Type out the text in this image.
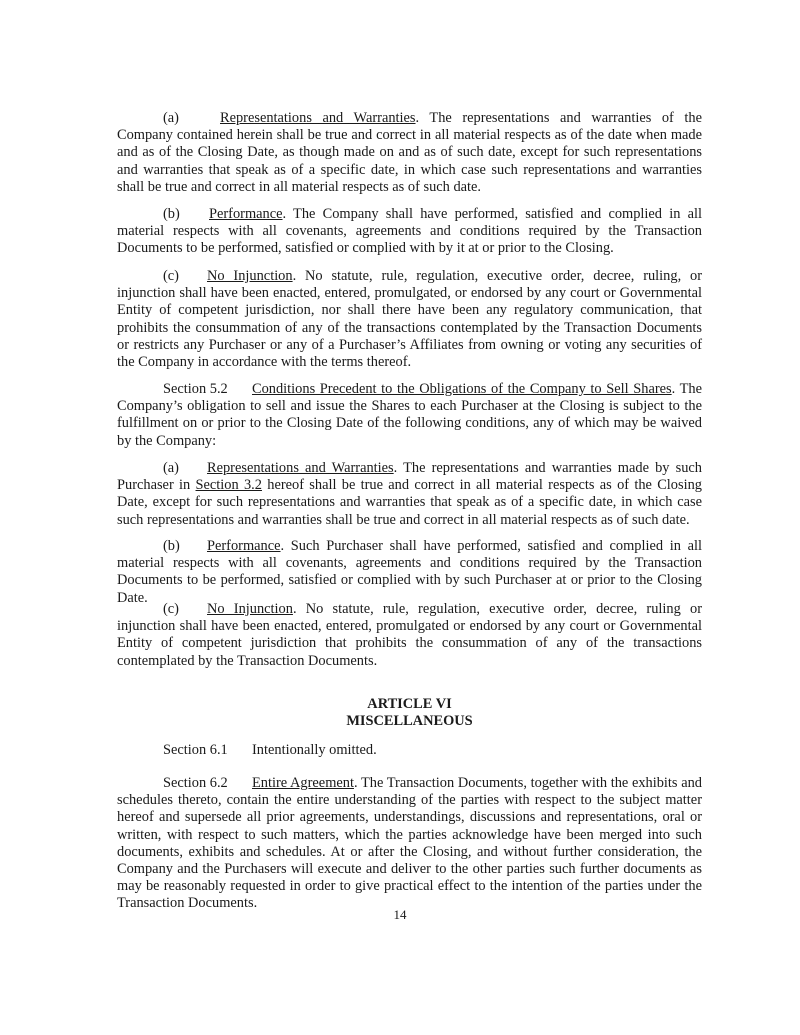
(a)	Representations and Warranties. The representations and warranties of the Company contained herein shall be true and correct in all material respects as of the date when made and as of the Closing Date, as though made on and as of such date, except for such representations and warranties that speak as of a specific date, in which case such representations and warranties shall be true and correct in all material respects as of such date.

(b) Performance. The Company shall have performed, satisfied and complied in all material respects with all covenants, agreements and conditions required by the Transaction Documents to be performed, satisfied or complied with by it at or prior to the Closing.

(c) No Injunction. No statute, rule, regulation, executive order, decree, ruling, or injunction shall have been enacted, entered, promulgated, or endorsed by any court or Governmental Entity of competent jurisdiction, nor shall there have been any regulatory communication, that prohibits the consummation of any of the transactions contemplated by the Transaction Documents or restricts any Purchaser or any of a Purchaser’s Affiliates from owning or voting any securities of the Company in accordance with the terms thereof.

Section 5.2 Conditions Precedent to the Obligations of the Company to Sell Shares. The Company’s obligation to sell and issue the Shares to each Purchaser at the Closing is subject to the fulfillment on or prior to the Closing Date of the following conditions, any of which may be waived by the Company:

(a) Representations and Warranties. The representations and warranties made by such Purchaser in Section 3.2 hereof shall be true and correct in all material respects as of the Closing Date, except for such representations and warranties that speak as of a specific date, in which case such representations and warranties shall be true and correct in all material respects as of such date.

(b) Performance. Such Purchaser shall have performed, satisfied and complied in all material respects with all covenants, agreements and conditions required by the Transaction Documents to be performed, satisfied or complied with by such Purchaser at or prior to the Closing Date.

(c) No Injunction. No statute, rule, regulation, executive order, decree, ruling or injunction shall have been enacted, entered, promulgated or endorsed by any court or Governmental Entity of competent jurisdiction that prohibits the consummation of any of the transactions contemplated by the Transaction Documents.

ARTICLE VI
MISCELLANEOUS

Section 6.1 Intentionally omitted.

Section 6.2 Entire Agreement. The Transaction Documents, together with the exhibits and schedules thereto, contain the entire understanding of the parties with respect to the subject matter hereof and supersede all prior agreements, understandings, discussions and representations, oral or written, with respect to such matters, which the parties acknowledge have been merged into such documents, exhibits and schedules. At or after the Closing, and without further consideration, the Company and the Purchasers will execute and deliver to the other parties such further documents as may be reasonably requested in order to give practical effect to the intention of the parties under the Transaction Documents.

14
